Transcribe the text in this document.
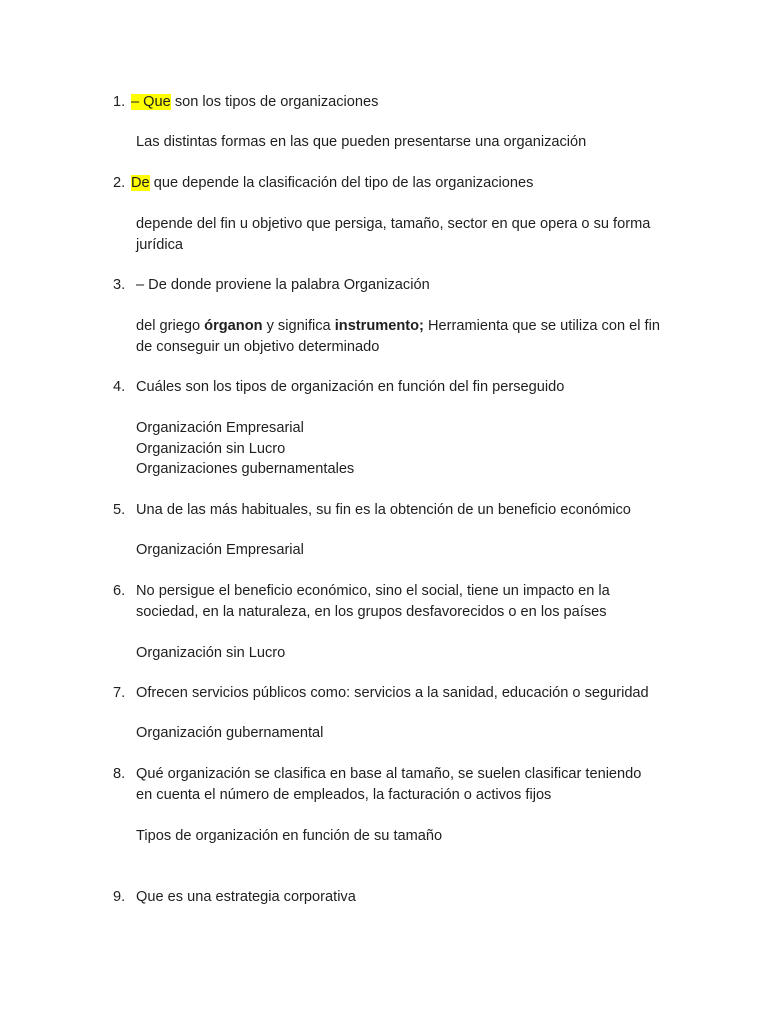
1. – Que son los tipos de organizaciones
Las distintas formas en las que pueden presentarse una organización
2. De que depende la clasificación del tipo de las organizaciones
depende del fin u objetivo que persiga, tamaño, sector en que opera o su forma
jurídica
3. – De donde proviene la palabra Organización
del griego órganon y significa instrumento; Herramienta que se utiliza con el fin
de conseguir un objetivo determinado
4. Cuáles son los tipos de organización en función del fin perseguido
Organización Empresarial
Organización sin Lucro
Organizaciones gubernamentales
5. Una de las más habituales, su fin es la obtención de un beneficio económico
Organización Empresarial
6. No persigue el beneficio económico, sino el social, tiene un impacto en la
sociedad, en la naturaleza, en los grupos desfavorecidos o en los países
Organización sin Lucro
7. Ofrecen servicios públicos como: servicios a la sanidad, educación o seguridad
Organización gubernamental
8. Qué organización se clasifica en base al tamaño, se suelen clasificar teniendo
en cuenta el número de empleados, la facturación o activos fijos
Tipos de organización en función de su tamaño
9. Que es una estrategia corporativa
